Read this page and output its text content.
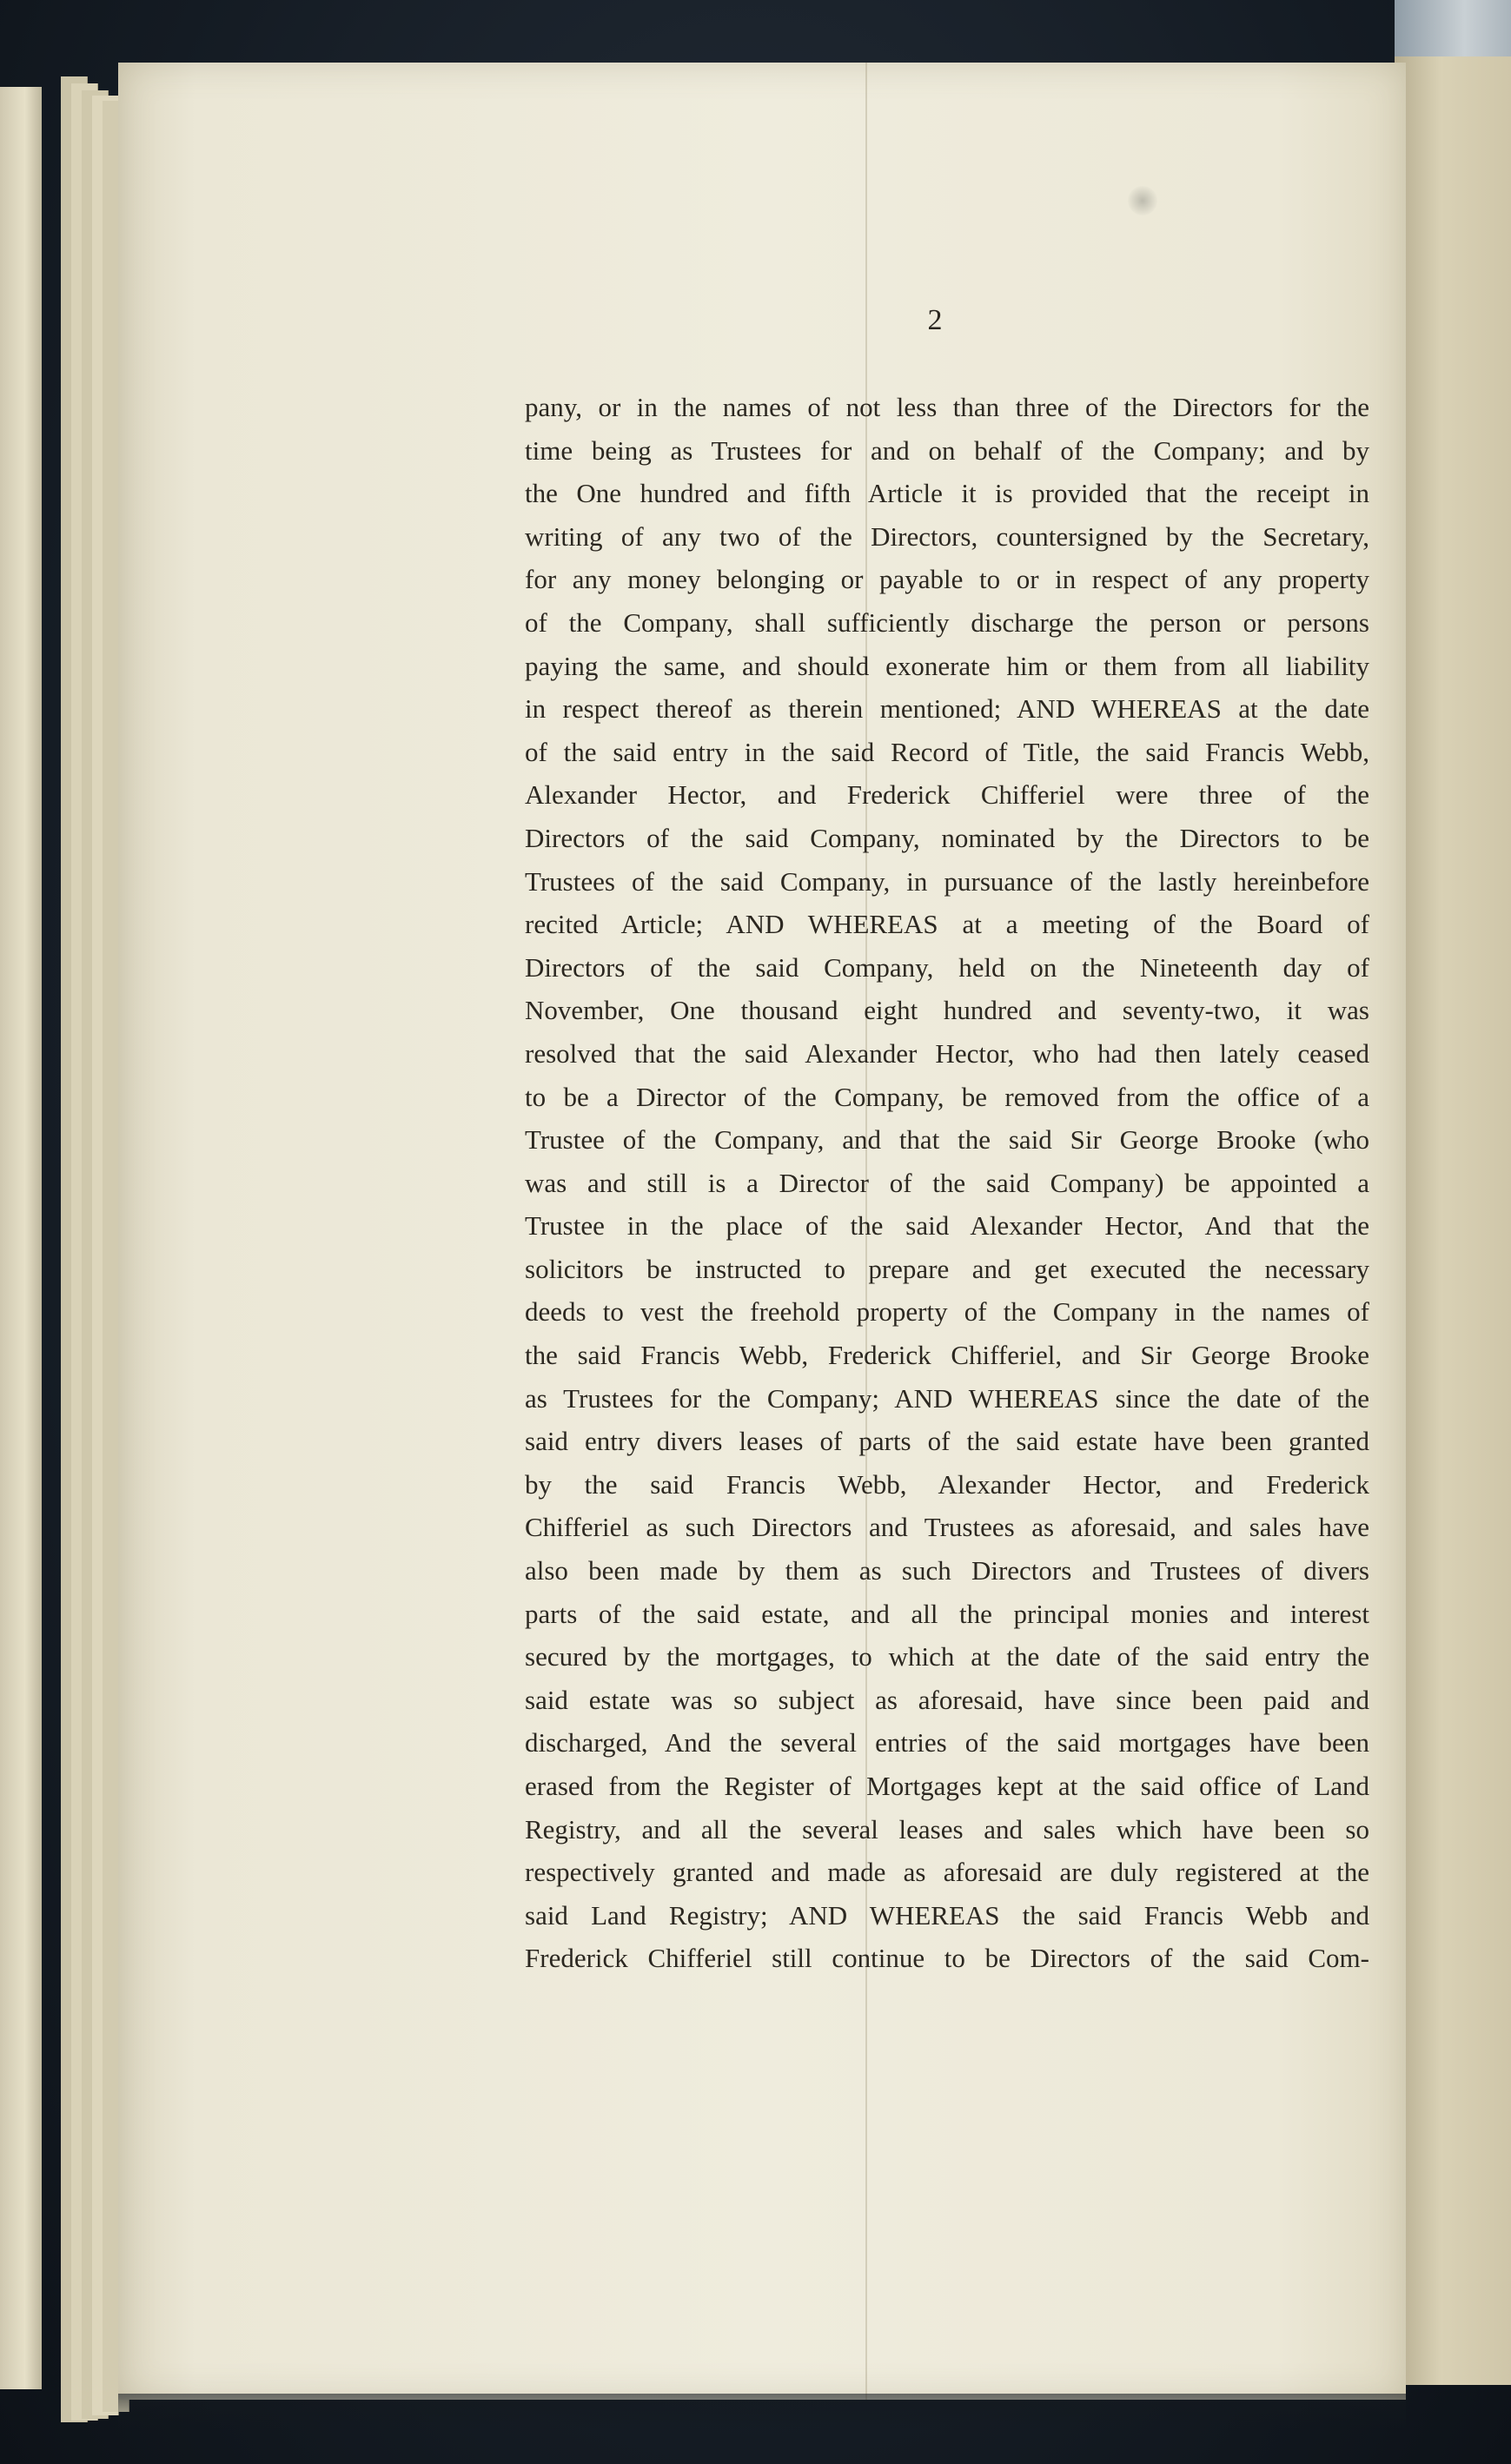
2
pany, or in the names of not less than three of the Directors for the
time being as Trustees for and on behalf of the Company; and by
the One hundred and fifth Article it is provided that the receipt in
writing of any two of the Directors, countersigned by the Secretary,
for any money belonging or payable to or in respect of any property
of the Company, shall sufficiently discharge the person or persons
paying the same, and should exonerate him or them from all liability
in respect thereof as therein mentioned; AND WHEREAS at the date
of the said entry in the said Record of Title, the said Francis Webb,
Alexander Hector, and Frederick Chifferiel were three of the
Directors of the said Company, nominated by the Directors to be
Trustees of the said Company, in pursuance of the lastly hereinbefore
recited Article; AND WHEREAS at a meeting of the Board of
Directors of the said Company, held on the Nineteenth day of
November, One thousand eight hundred and seventy-two, it was
resolved that the said Alexander Hector, who had then lately ceased
to be a Director of the Company, be removed from the office of a
Trustee of the Company, and that the said Sir George Brooke (who
was and still is a Director of the said Company) be appointed a
Trustee in the place of the said Alexander Hector, And that the
solicitors be instructed to prepare and get executed the necessary
deeds to vest the freehold property of the Company in the names of
the said Francis Webb, Frederick Chifferiel, and Sir George Brooke
as Trustees for the Company; AND WHEREAS since the date of the
said entry divers leases of parts of the said estate have been granted
by the said Francis Webb, Alexander Hector, and Frederick
Chifferiel as such Directors and Trustees as aforesaid, and sales have
also been made by them as such Directors and Trustees of divers
parts of the said estate, and all the principal monies and interest
secured by the mortgages, to which at the date of the said entry the
said estate was so subject as aforesaid, have since been paid and
discharged, And the several entries of the said mortgages have been
erased from the Register of Mortgages kept at the said office of Land
Registry, and all the several leases and sales which have been so
respectively granted and made as aforesaid are duly registered at the
said Land Registry; AND WHEREAS the said Francis Webb and
Frederick Chifferiel still continue to be Directors of the said Com-
